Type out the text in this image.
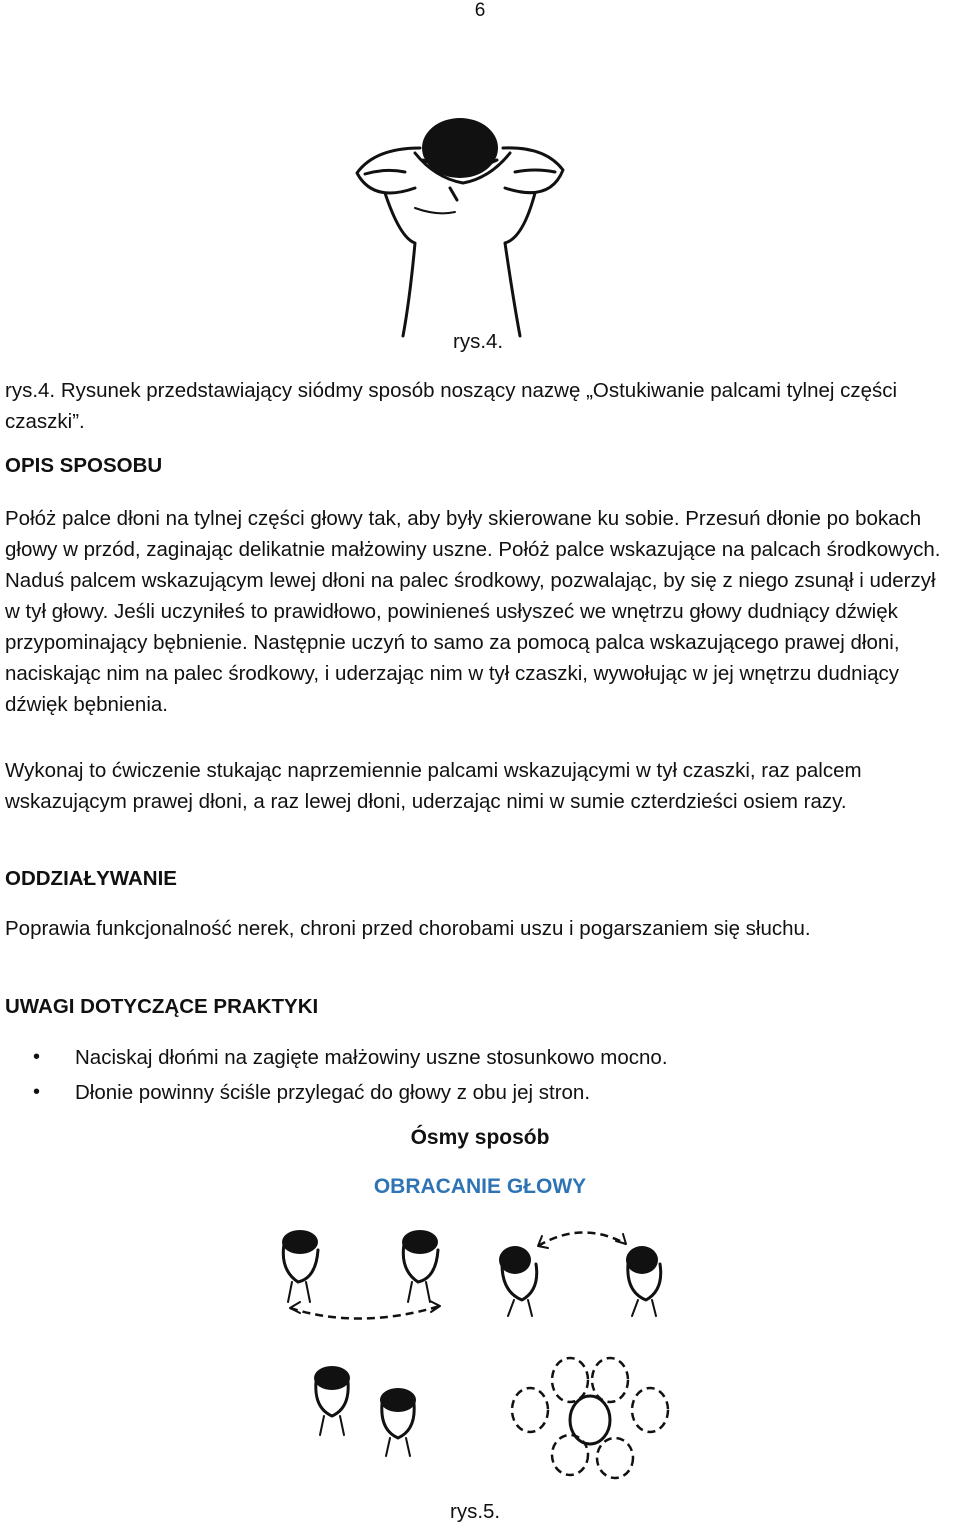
6
rys.4.
rys.4. Rysunek przedstawiający siódmy sposób noszący nazwę „Ostukiwanie palcami tylnej części czaszki”.
OPIS SPOSOBU
Połóż palce dłoni na tylnej części głowy tak, aby były skierowane ku sobie. Przesuń dłonie po bokach głowy w przód, zaginając delikatnie małżowiny uszne. Połóż palce wskazujące na palcach środkowych. Naduś palcem wskazującym lewej dłoni na palec środkowy, pozwalając, by się z niego zsunął i uderzył w tył głowy. Jeśli uczyniłeś to prawidłowo, powinieneś usłyszeć we wnętrzu głowy dudniący dźwięk przypominający bębnienie. Następnie uczyń to samo za pomocą palca wskazującego prawej dłoni, naciskając nim na palec środkowy, i uderzając nim w tył czaszki, wywołując w jej wnętrzu dudniący dźwięk bębnienia.
Wykonaj to ćwiczenie stukając naprzemiennie palcami wskazującymi w tył czaszki, raz palcem wskazującym prawej dłoni, a raz lewej dłoni, uderzając nimi w sumie czterdzieści osiem razy.
ODDZIAŁYWANIE
Poprawia funkcjonalność nerek, chroni przed chorobami uszu i pogarszaniem się słuchu.
UWAGI DOTYCZĄCE PRAKTYKI
• Naciskaj dłońmi na zagięte małżowiny uszne stosunkowo mocno.
• Dłonie powinny ściśle przylegać do głowy z obu jej stron.
Ósmy sposób
OBRACANIE GŁOWY
rys.5.
